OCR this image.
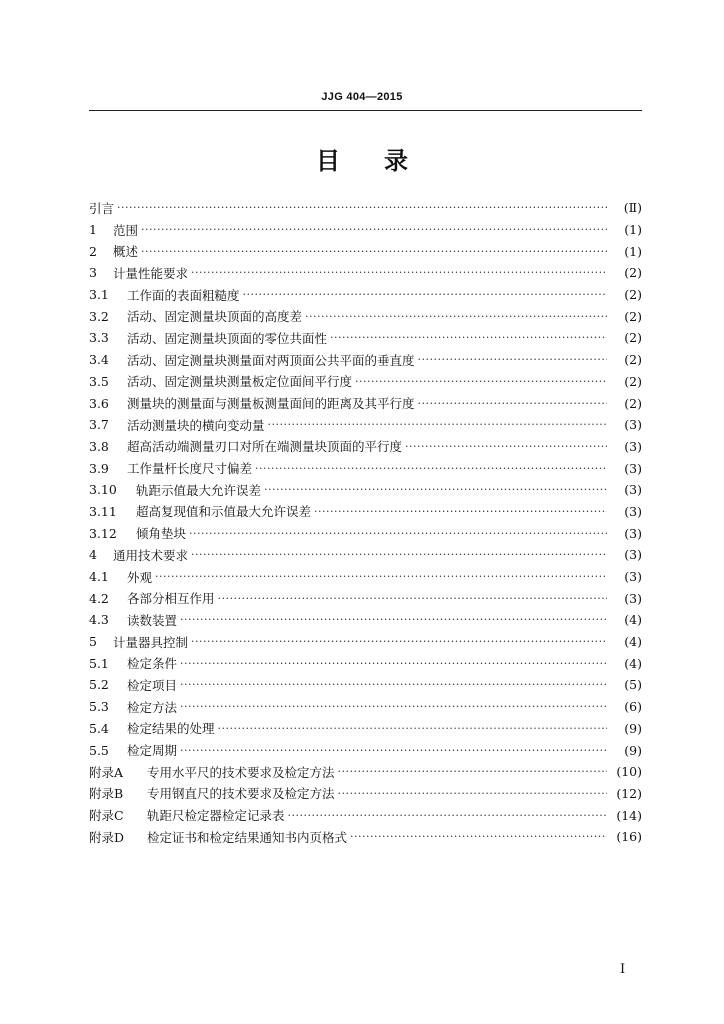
JJG 404—2015
目录
引言 ·····	(Ⅱ)
1	范围 ·····	(1)
2	概述 ·····	(1)
3	计量性能要求 ·····	(2)
3.1	工作面的表面粗糙度 ·····	(2)
3.2	活动、固定测量块顶面的高度差 ·····	(2)
3.3	活动、固定测量块顶面的零位共面性 ·····	(2)
3.4	活动、固定测量块测量面对两顶面公共平面的垂直度 ·····	(2)
3.5	活动、固定测量块测量板定位面间平行度 ·····	(2)
3.6	测量块的测量面与测量板测量面间的距离及其平行度 ·····	(2)
3.7	活动测量块的横向变动量 ·····	(3)
3.8	超高活动端测量刃口对所在端测量块顶面的平行度 ·····	(3)
3.9	工作量杆长度尺寸偏差 ·····	(3)
3.10	轨距示值最大允许误差 ·····	(3)
3.11	超高复现值和示值最大允许误差 ·····	(3)
3.12	倾角垫块 ·····	(3)
4	通用技术要求 ·····	(3)
4.1	外观 ·····	(3)
4.2	各部分相互作用 ·····	(3)
4.3	读数装置 ·····	(4)
5	计量器具控制 ·····	(4)
5.1	检定条件 ·····	(4)
5.2	检定项目 ·····	(5)
5.3	检定方法 ·····	(6)
5.4	检定结果的处理 ·····	(9)
5.5	检定周期 ·····	(9)
附录A	专用水平尺的技术要求及检定方法 ·····	(10)
附录B	专用钢直尺的技术要求及检定方法 ·····	(12)
附录C	轨距尺检定器检定记录表 ·····	(14)
附录D	检定证书和检定结果通知书内页格式 ·····	(16)
Ⅰ
